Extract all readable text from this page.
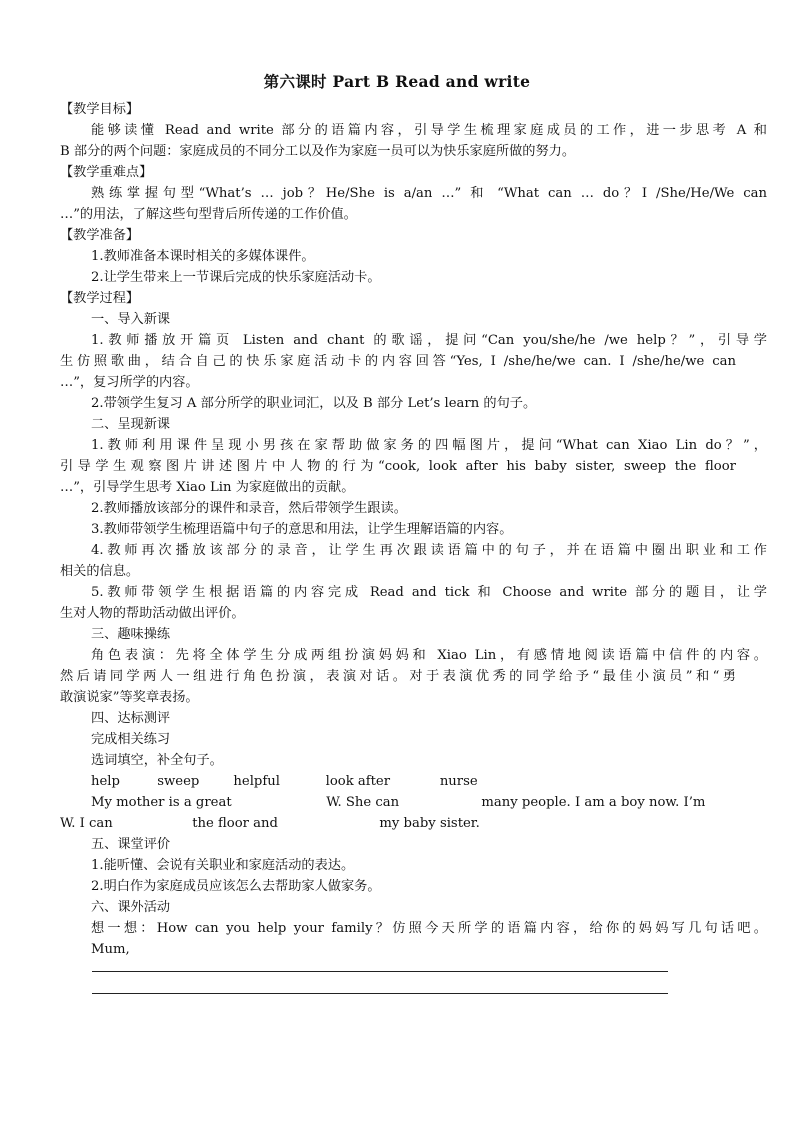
第六课时 Part B Read and write
【教学目标】
能够读懂 Read and write 部分的语篇内容，引导学生梳理家庭成员的工作，进一步思考 A 和
B 部分的两个问题：家庭成员的不同分工以及作为家庭一员可以为快乐家庭所做的努力。
【教学重难点】
熟练掌握句型“What’s … job？He/She is a/an …” 和 “What can … do？I /She/He/We can
…”的用法，了解这些句型背后所传递的工作价值。
【教学准备】
1.教师准备本课时相关的多媒体课件。
2.让学生带来上一节课后完成的快乐家庭活动卡。
【教学过程】
一、导入新课
1.教师播放开篇页 Listen and chant 的歌谣，提问“Can you/she/he /we help？”，引导学
生仿照歌曲，结合自己的快乐家庭活动卡的内容回答“Yes, I /she/he/we can. I /she/he/we can
…”，复习所学的内容。
2.带领学生复习 A 部分所学的职业词汇，以及 B 部分 Let’s learn 的句子。
二、呈现新课
1.教师利用课件呈现小男孩在家帮助做家务的四幅图片，提问“What can Xiao Lin do？”，
引导学生观察图片讲述图片中人物的行为“cook, look after his baby sister, sweep the floor
…”，引导学生思考 Xiao Lin 为家庭做出的贡献。
2.教师播放该部分的课件和录音，然后带领学生跟读。
3.教师带领学生梳理语篇中句子的意思和用法，让学生理解语篇的内容。
4.教师再次播放该部分的录音，让学生再次跟读语篇中的句子，并在语篇中圈出职业和工作
相关的信息。
5.教师带领学生根据语篇的内容完成 Read and tick 和 Choose and write 部分的题目，让学
生对人物的帮助活动做出评价。
三、趣味操练
角色表演：先将全体学生分成两组扮演妈妈和 Xiao Lin，有感情地阅读语篇中信件的内容。
然后请同学两人一组进行角色扮演，表演对话。对于表演优秀的同学给予“最佳小演员”和“勇
敢演说家”等奖章表扬。
四、达标测评
完成相关练习
选词填空，补全句子。
help	sweep	helpful	look after	nurse
My mother is a great	W. She can	many people. I am a boy now. I’m
W. I can	the floor and	my baby sister.
五、课堂评价
1.能听懂、会说有关职业和家庭活动的表达。
2.明白作为家庭成员应该怎么去帮助家人做家务。
六、课外活动
想一想：How can you help your family？仿照今天所学的语篇内容，给你的妈妈写几句话吧。
Mum,
